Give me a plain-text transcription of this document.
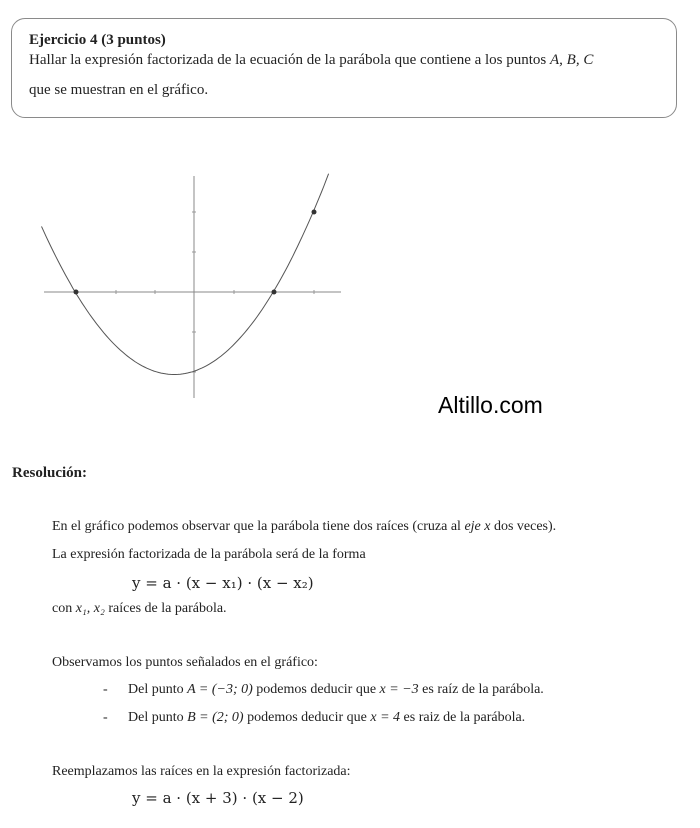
Ejercicio 4 (3 puntos)
Hallar la expresión factorizada de la ecuación de la parábola que contiene a los puntos A, B, C
que se muestran en el gráfico.
Altillo.com
Resolución:
En el gráfico podemos observar que la parábola tiene dos raíces (cruza al eje x dos veces).
La expresión factorizada de la parábola será de la forma
y = a · (x − x₁) · (x − x₂)
con x₁, x₂ raíces de la parábola.
Observamos los puntos señalados en el gráfico:
- Del punto A = (−3; 0) podemos deducir que x = −3 es raíz de la parábola.
- Del punto B = (2; 0) podemos deducir que x = 4 es raiz de la parábola.
Reemplazamos las raíces en la expresión factorizada:
y = a · (x + 3) · (x − 2)
